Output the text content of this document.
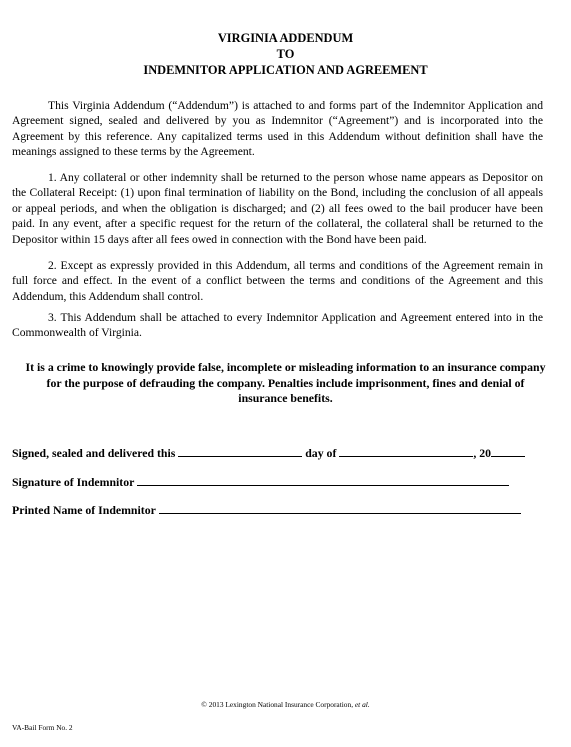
VIRGINIA ADDENDUM
TO
INDEMNITOR APPLICATION AND AGREEMENT

This Virginia Addendum (“Addendum”) is attached to and forms part of the Indemnitor Application and Agreement signed, sealed and delivered by you as Indemnitor (“Agreement”) and is incorporated into the Agreement by this reference. Any capitalized terms used in this Addendum without definition shall have the meanings assigned to these terms by the Agreement.

1. Any collateral or other indemnity shall be returned to the person whose name appears as Depositor on the Collateral Receipt: (1) upon final termination of liability on the Bond, including the conclusion of all appeals or appeal periods, and when the obligation is discharged; and (2) all fees owed to the bail producer have been paid. In any event, after a specific request for the return of the collateral, the collateral shall be returned to the Depositor within 15 days after all fees owed in connection with the Bond have been paid.

2. Except as expressly provided in this Addendum, all terms and conditions of the Agreement remain in full force and effect. In the event of a conflict between the terms and conditions of the Agreement and this Addendum, this Addendum shall control.

3. This Addendum shall be attached to every Indemnitor Application and Agreement entered into in the Commonwealth of Virginia.

It is a crime to knowingly provide false, incomplete or misleading information to an insurance company
for the purpose of defrauding the company. Penalties include imprisonment, fines and denial of
insurance benefits.
Signed, sealed and delivered this	day of	, 20
Signature of Indemnitor
Printed Name of Indemnitor
© 2013 Lexington National Insurance Corporation, et al.
VA-Bail Form No. 2
